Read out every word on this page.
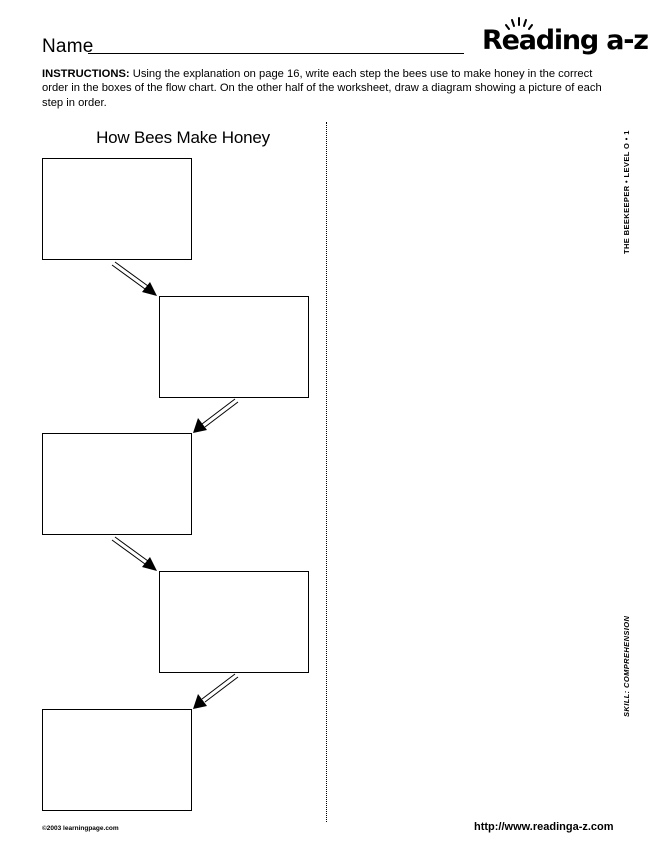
Name	Reading a-z
INSTRUCTIONS: Using the explanation on page 16, write each step the bees use to make honey in the correct order in the boxes of the flow chart. On the other half of the worksheet, draw a diagram showing a picture of each step in order.
How Bees Make Honey	THE BEEKEEPER • LEVEL O • 1
SKILL: COMPREHENSION
©2003 learningpage.com	http://www.readinga-z.com
